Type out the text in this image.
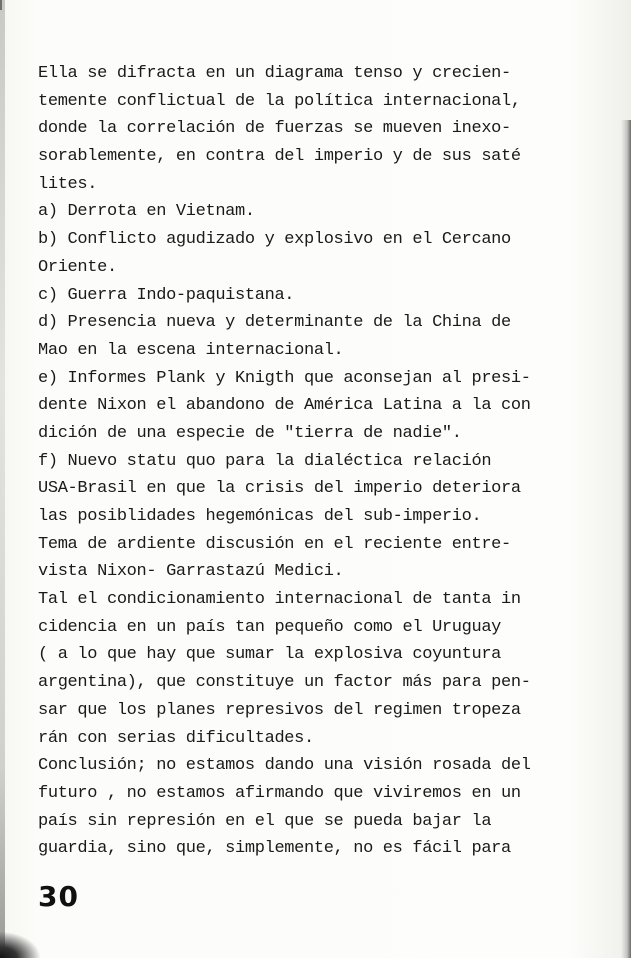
Ella se difracta en un diagrama tenso y crecien-
temente conflictual de la política internacional,
donde la correlación de fuerzas se mueven inexo-
sorablemente, en contra del imperio y de sus saté
lites.
a) Derrota en Vietnam.
b) Conflicto agudizado y explosivo en el Cercano
Oriente.
c) Guerra Indo-paquistana.
d) Presencia nueva y determinante de la China de
Mao en la escena internacional.
e) Informes Plank y Knigth que aconsejan al presi-
dente Nixon el abandono de América Latina a la con
dición de una especie de "tierra de nadie".
f) Nuevo statu quo para la dialéctica relación
USA-Brasil en que la crisis del imperio deteriora
las posiblidades hegemónicas del sub-imperio.
Tema de ardiente discusión en el reciente entre-
vista Nixon- Garrastazú Medici.
Tal el condicionamiento internacional de tanta in
cidencia en un país tan pequeño como el Uruguay
( a lo que hay que sumar la explosiva coyuntura
argentina), que constituye un factor más para pen-
sar que los planes represivos del regimen tropeza
rán con serias dificultades.
Conclusión; no estamos dando una visión rosada del
futuro , no estamos afirmando que viviremos en un
país sin represión en el que se pueda bajar la
guardia, sino que, simplemente, no es fácil para
30
